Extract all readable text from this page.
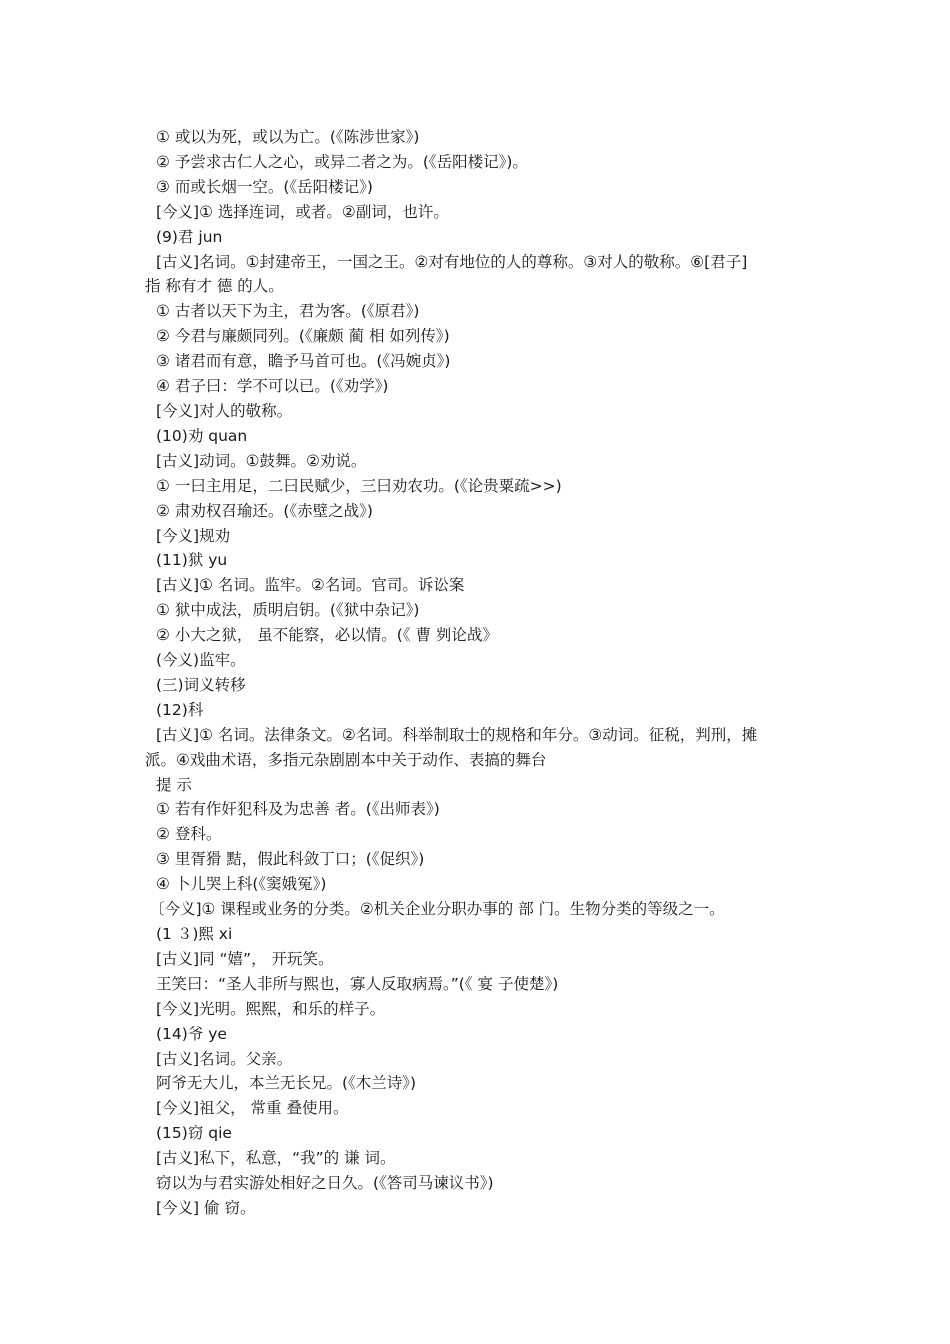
① 或以为死，或以为亡。(《陈涉世家》)
② 予尝求古仁人之心，或异二者之为。(《岳阳楼记》)。
③ 而或长烟一空。(《岳阳楼记》)
[今义]① 选择连词，或者。②副词，也许。
(9)君 jun
[古义]名词。①封建帝王，一国之王。②对有地位的人的尊称。③对人的敬称。⑥[君子]
指 称有才 德 的人。
① 古者以天下为主，君为客。(《原君》)
② 今君与廉颇同列。(《廉颇 蔺 相 如列传》)
③ 诸君而有意，瞻予马首可也。(《冯婉贞》)
④ 君子曰：学不可以已。(《劝学》)
[今义]对人的敬称。
(10)劝 quan
[古义]动词。①鼓舞。②劝说。
① 一曰主用足，二曰民赋少，三曰劝农功。(《论贵粟疏>>)
② 肃劝权召瑜还。(《赤壁之战》)
[今义]规劝
(11)狱 yu
[古义]① 名词。监牢。②名词。官司。诉讼案
① 狱中成法，质明启钥。(《狱中杂记》)
② 小大之狱， 虽不能察，必以情。(《 曹 刿论战》
(今义)监牢。
(三)词义转移
(12)科
[古义]① 名词。法律条文。②名词。科举制取士的规格和年分。③动词。征税，判刑，摊
派。④戏曲术语，多指元杂剧剧本中关于动作、表搞的舞台
提 示
① 若有作奸犯科及为忠善 者。(《出师表》)
② 登科。
③ 里胥猾 黠，假此科敛丁口；(《促织》)
④ 卜儿哭上科(《窦娥冤》)
〔今义]① 课程或业务的分类。②机关企业分职办事的 部 门。生物分类的等级之一。
(1 ３)熙 xi
[古义]同 “嬉”， 开玩笑。
王笑曰：“圣人非所与熙也，寡人反取病焉。”(《 宴 子使楚》)
[今义]光明。熙熙，和乐的样子。
(14)爷 ye
[古义]名词。父亲。
阿爷无大儿，本兰无长兄。(《木兰诗》)
[今义]祖父， 常重 叠使用。
(15)窃 qie
[古义]私下，私意，“我”的 谦 词。
窃以为与君实游处相好之日久。(《答司马谏议书》)
[今义] 偷 窃。
